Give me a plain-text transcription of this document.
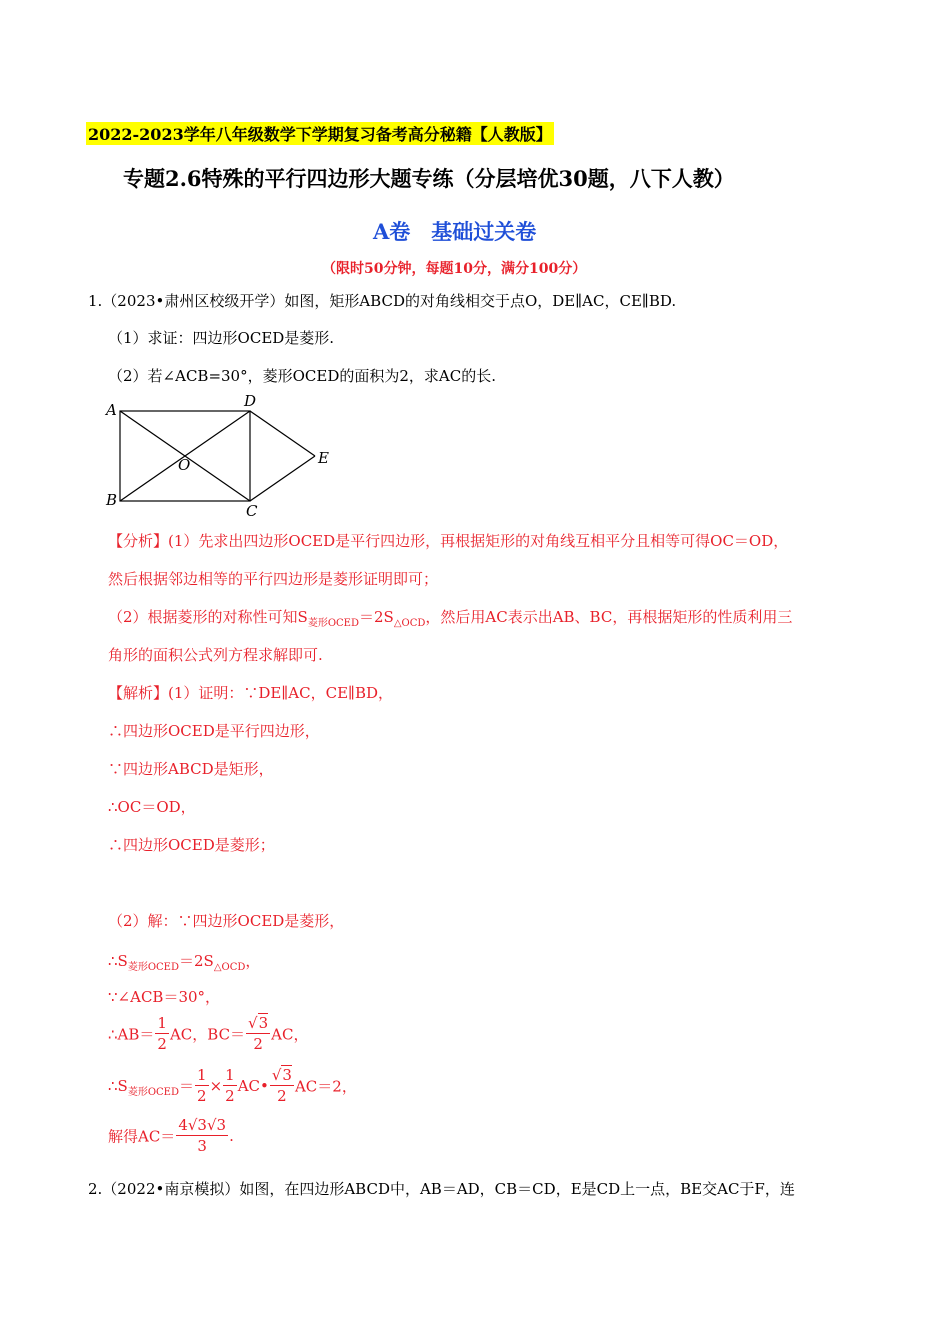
2022-2023学年八年级数学下学期复习备考高分秘籍【人教版】
专题2.6特殊的平行四边形大题专练（分层培优30题，八下人教）
A卷　基础过关卷
（限时50分钟，每题10分，满分100分）
1.（2023•肃州区校级开学）如图，矩形ABCD的对角线相交于点O，DE∥AC，CE∥BD.
（1）求证：四边形OCED是菱形.
（2）若∠ACB=30°，菱形OCED的面积为2，求AC的长.
A	D
E
O
B
C
【分析】(1）先求出四边形OCED是平行四边形，再根据矩形的对角线互相平分且相等可得OC＝OD，
然后根据邻边相等的平行四边形是菱形证明即可；
（2）根据菱形的对称性可知$S_{菱形OCED}=2S_{\triangle OCD}$，然后用AC表示出AB、BC，再根据矩形的性质利用三
角形的面积公式列方程求解即可.
【解析】(1）证明：∵DE∥AC，CE∥BD，
∴四边形OCED是平行四边形，
∵四边形ABCD是矩形，
∴OC＝OD，
∴四边形OCED是菱形；
（2）解：∵四边形OCED是菱形，
$\therefore S_{菱形OCED}=2S_{\triangle OCD}$，
∵∠ACB＝30°，
∴AB＝ $\frac{1}{2}$ AC，$BC= \frac{√3}{2}$ AC，
$\therefore S_{菱形OCED}= \frac{1}{2} \times \frac{1}{2}$ AC• $\frac{√3}{2} AC=2$，
解得$AC= \frac{4√3√3}{3}$ .
2.（2022•南京模拟）如图，在四边形ABCD中，AB＝AD，CB＝CD，E是CD上一点，BE交AC于F，连
